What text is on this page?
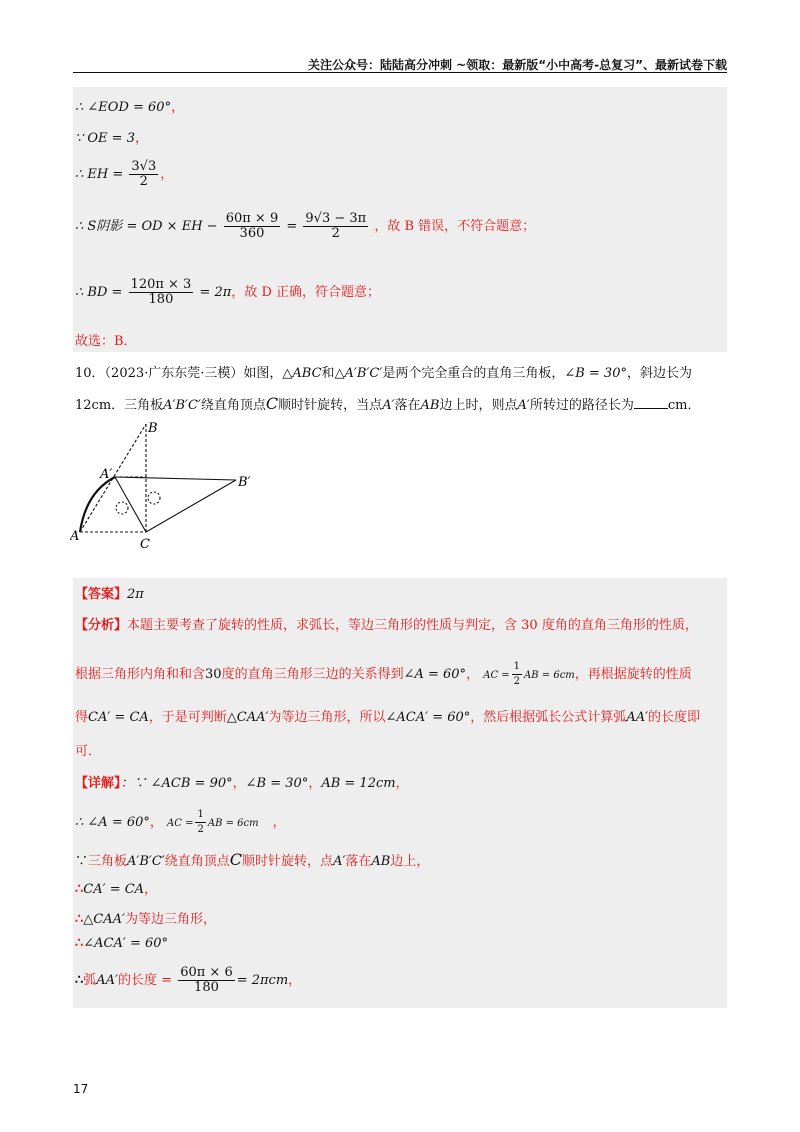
关注公众号：陆陆高分冲刺 ~领取：最新版“小中高考-总复习”、最新试卷下载
∴ ∠EOD = 60°，
∵ OE = 3，
∴ EH = $\frac{3√3}{2}$ ，
∴ S阴影 = OD × EH − $\frac{60\pi \times 9}{360} = \frac{9√3 - 3\pi}{2}$ ，故 B 错误，不符合题意；
∴ BD = $\frac{120\pi \times 3}{180} = 2\pi$，故 D 正确，符合题意；
故选：B．
10．（2023·广东东莞·三模）如图，△ABC和△A′B′C′是两个完全重合的直角三角板，∠B = 30°，斜边长为
12cm．三角板A′B′C′绕直角顶点C顺时针旋转，当点A′落在AB边上时，则点A′所转过的路径长为	cm．
B
A′
B′
A
C
【答案】2π
【分析】本题主要考查了旋转的性质，求弧长，等边三角形的性质与判定，含 30 度角的直角三角形的性质，
根据三角形内角和和含30度的直角三角形三边的关系得到∠A = 60°， AC = $\frac{1}{2}$ AB = 6cm，再根据旋转的性质
得CA′ = CA，于是可判断△CAA′为等边三角形，所以∠ACA′ = 60°，然后根据弧长公式计算弧AA′的长度即
可．
【详解】：∵ ∠ACB = 90°，∠B = 30°，AB = 12cm，
∴ ∠A = 60°， AC = $\frac{1}{2}$ AB = 6cm ，
∵三角板A′B′C′绕直角顶点C顺时针旋转，点A′落在AB边上，
∴CA′ = CA，
∴△CAA′为等边三角形，
∴∠ACA′ = 60°
∴弧AA′的长度 = $\frac{60\pi \times 6}{180} = 2\pi cm$，
17
